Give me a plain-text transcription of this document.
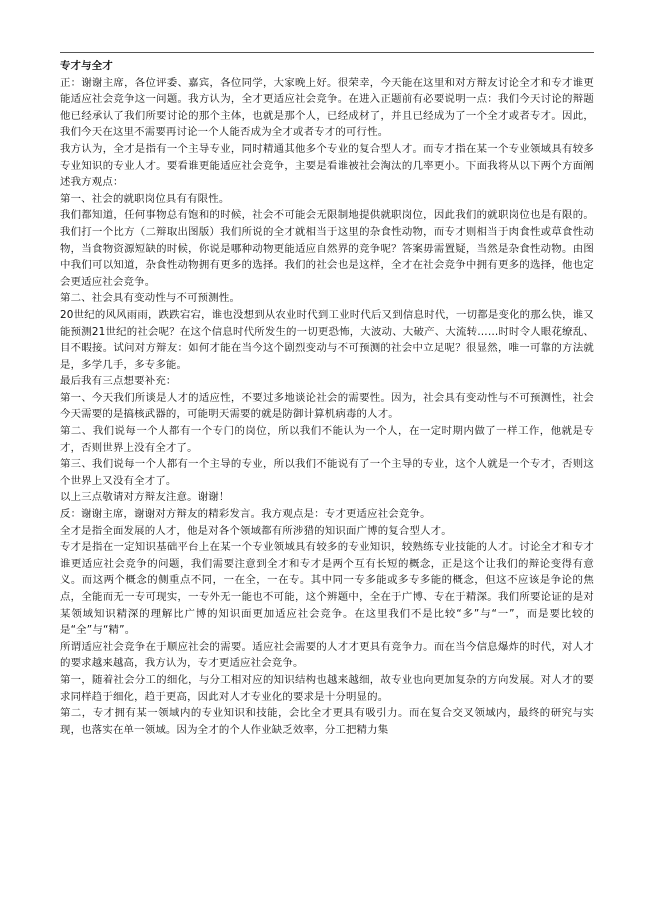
专才与全才

正：谢谢主席，各位评委、嘉宾，各位同学，大家晚上好。很荣幸，今天能在这里和对方辩友讨论全才和专才谁更能适应社会竞争这一问题。我方认为，全才更适应社会竞争。在进入正题前有必要说明一点：我们今天讨论的辩题他已经承认了我们所要讨论的那个主体，也就是那个人，已经成材了，并且已经成为了一个全才或者专才。因此，我们今天在这里不需要再讨论一个人能否成为全才或者专才的可行性。

我方认为，全才是指有一个主导专业，同时精通其他多个专业的复合型人才。而专才指在某一个专业领域具有较多专业知识的专业人才。要看谁更能适应社会竞争，主要是看谁被社会淘汰的几率更小。下面我将从以下两个方面阐述我方观点：

第一、社会的就职岗位具有有限性。

我们都知道，任何事物总有饱和的时候，社会不可能会无限制地提供就职岗位，因此我们的就职岗位也是有限的。我们打一个比方（二辩取出图版）我们所说的全才就相当于这里的杂食性动物，而专才则相当于肉食性或草食性动物，当食物资源短缺的时候，你说是哪种动物更能适应自然界的竞争呢？答案毋需置疑，当然是杂食性动物。由图中我们可以知道，杂食性动物拥有更多的选择。我们的社会也是这样，全才在社会竞争中拥有更多的选择，他也定会更适应社会竞争。

第二、社会具有变动性与不可预测性。

20世纪的风风雨雨，跌跌宕宕，谁也没想到从农业时代到工业时代后又到信息时代，一切都是变化的那么快，谁又能预测21世纪的社会呢？在这个信息时代所发生的一切更恐怖，大波动、大破产、大流转……时时令人眼花缭乱、目不暇接。试问对方辩友：如何才能在当今这个剧烈变动与不可预测的社会中立足呢？很显然，唯一可靠的方法就是，多学几手，多专多能。

最后我有三点想要补充：

第一、今天我们所谈是人才的适应性，不要过多地谈论社会的需要性。因为，社会具有变动性与不可预测性，社会今天需要的是搞核武器的，可能明天需要的就是防御计算机病毒的人才。

第二、我们说每一个人都有一个专门的岗位，所以我们不能认为一个人，在一定时期内做了一样工作，他就是专才，否则世界上没有全才了。

第三、我们说每一个人都有一个主导的专业，所以我们不能说有了一个主导的专业，这个人就是一个专才，否则这个世界上又没有全才了。

以上三点敬请对方辩友注意。谢谢！

反：谢谢主席，谢谢对方辩友的精彩发言。我方观点是：专才更适应社会竞争。

全才是指全面发展的人才，他是对各个领域都有所涉猎的知识面广博的复合型人才。

专才是指在一定知识基础平台上在某一个专业领域具有较多的专业知识，较熟练专业技能的人才。讨论全才和专才谁更适应社会竞争的问题，我们需要注意到全才和专才是两个互有长短的概念，正是这个让我们的辩论变得有意义。而这两个概念的侧重点不同，一在全，一在专。其中同一专多能或多专多能的概念，但这不应该是争论的焦点，全能而无一专可现实，一专外无一能也不可能，这个辨题中，全在于广博、专在于精深。我们所要论证的是对某领域知识精深的理解比广博的知识面更加适应社会竞争。在这里我们不是比较“多”与“一”，而是要比较的是“全”与“精”。

所谓适应社会竞争在于顺应社会的需要。适应社会需要的人才才更具有竞争力。而在当今信息爆炸的时代，对人才的要求越来越高，我方认为，专才更适应社会竞争。

第一，随着社会分工的细化，与分工相对应的知识结构也越来越细，故专业也向更加复杂的方向发展。对人才的要求同样趋于细化，趋于更高，因此对人才专业化的要求是十分明显的。

第二，专才拥有某一领域内的专业知识和技能，会比全才更具有吸引力。而在复合交叉领域内，最终的研究与实现，也落实在单一领域。因为全才的个人作业缺乏效率，分工把精力集
